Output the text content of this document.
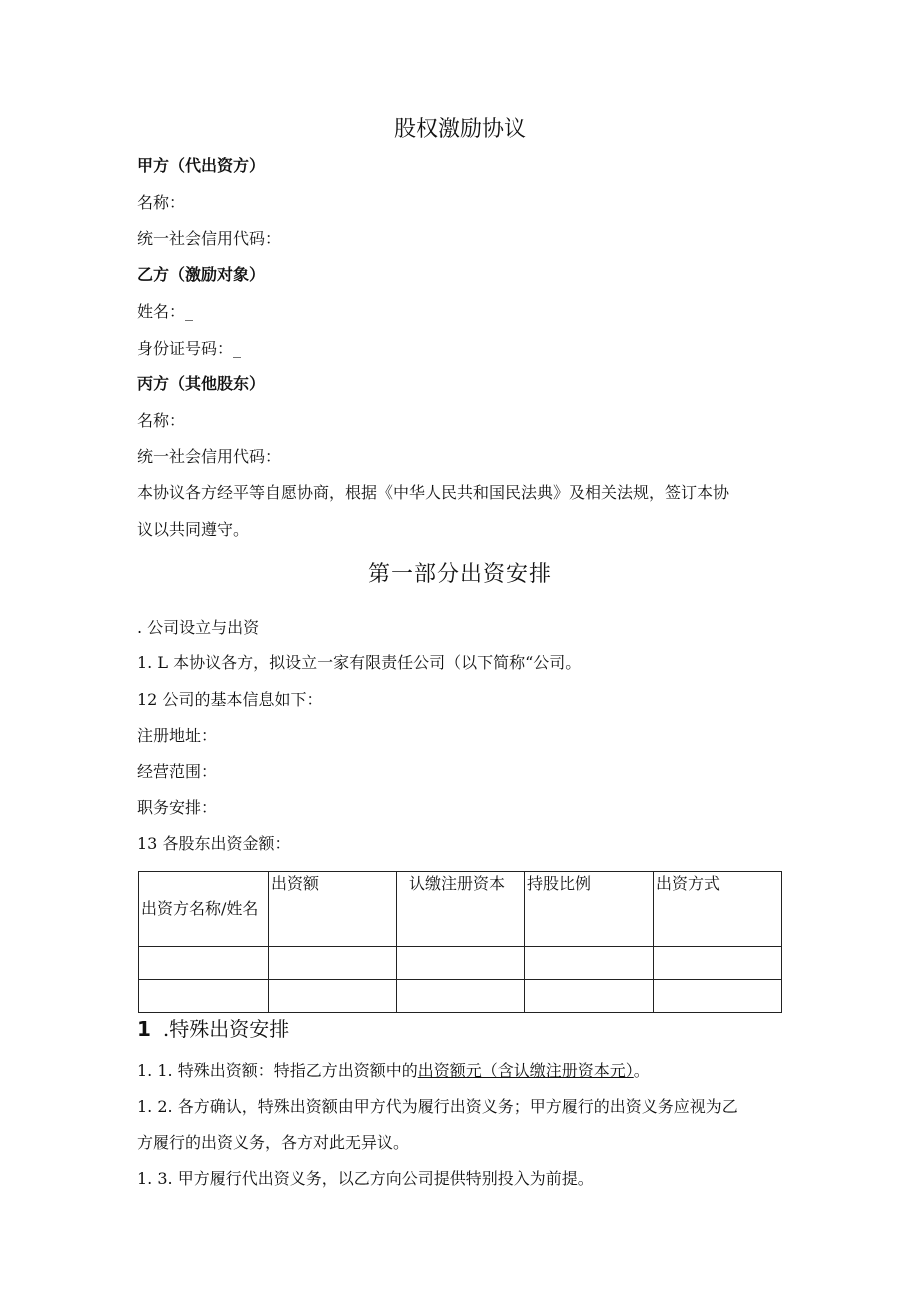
股权激励协议
甲方（代出资方）
名称：
统一社会信用代码：
乙方（激励对象）
姓名：_
身份证号码：_
丙方（其他股东）
名称：
统一社会信用代码：
本协议各方经平等自愿协商，根据《中华人民共和国民法典》及相关法规，签订本协
议以共同遵守。
第一部分出资安排
. 公司设立与出资
1. L 本协议各方，拟设立一家有限责任公司（以下简称“公司。
12 公司的基本信息如下：
注册地址：
经营范围：
职务安排：
13 各股东出资金额：
出资方名称/姓名	出资额	认缴注册资本	持股比例	出资方式

1 .特殊出资安排
1. 1. 特殊出资额：特指乙方出资额中的出资额元（含认缴注册资本元）。
1. 2. 各方确认，特殊出资额由甲方代为履行出资义务；甲方履行的出资义务应视为乙
方履行的出资义务，各方对此无异议。
1. 3. 甲方履行代出资义务，以乙方向公司提供特别投入为前提。
